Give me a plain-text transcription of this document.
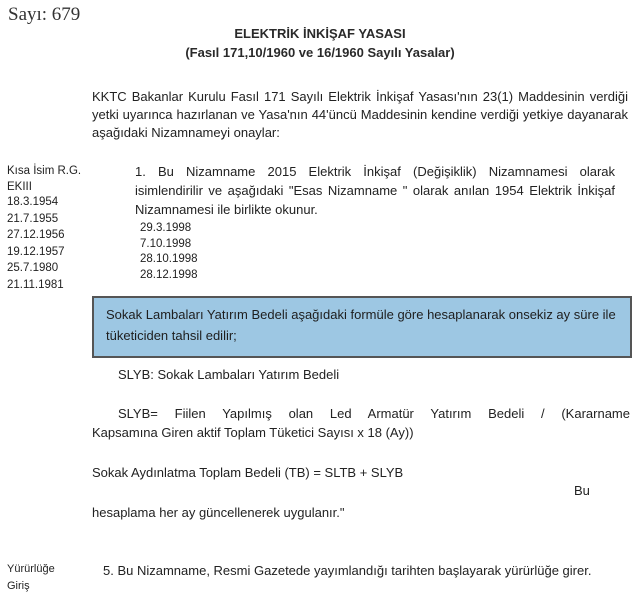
Sayı: 679
ELEKTRİK İNKİŞAF YASASI
(Fasıl 171,10/1960 ve 16/1960 Sayılı Yasalar)
KKTC Bakanlar Kurulu Fasıl 171 Sayılı Elektrik İnkişaf Yasası'nın 23(1) Maddesinin verdiği yetki uyarınca hazırlanan ve Yasa'nın 44'üncü Maddesinin kendine verdiği yetkiye dayanarak aşağıdaki Nizamnameyi onaylar:
Kısa İsim R.G.
EKIII
18.3.1954
21.7.1955
27.12.1956
19.12.1957
25.7.1980
21.11.1981
1. Bu Nizamname 2015 Elektrik İnkişaf (Değişiklik) Nizamnamesi olarak isimlendirilir ve aşağıdaki "Esas Nizamname " olarak anılan 1954 Elektrik İnkişaf Nizamnamesi ile birlikte okunur.
29.3.1998
7.10.1998
28.10.1998
28.12.1998
Sokak Lambaları Yatırım Bedeli aşağıdaki formüle göre hesaplanarak onsekiz ay süre ile tüketiciden tahsil edilir;
SLYB: Sokak Lambaları Yatırım Bedeli
SLYB= Fiilen Yapılmış olan Led Armatür Yatırım Bedeli / (Kararname
Kapsamına Giren aktif Toplam Tüketici Sayısı x 18 (Ay))
Sokak Aydınlatma Toplam Bedeli (TB) = SLTB + SLYB
Bu
hesaplama her ay güncellenerek uygulanır."
Yürürlüğe
Giriş
5. Bu Nizamname, Resmi Gazetede yayımlandığı tarihten başlayarak yürürlüğe girer.
